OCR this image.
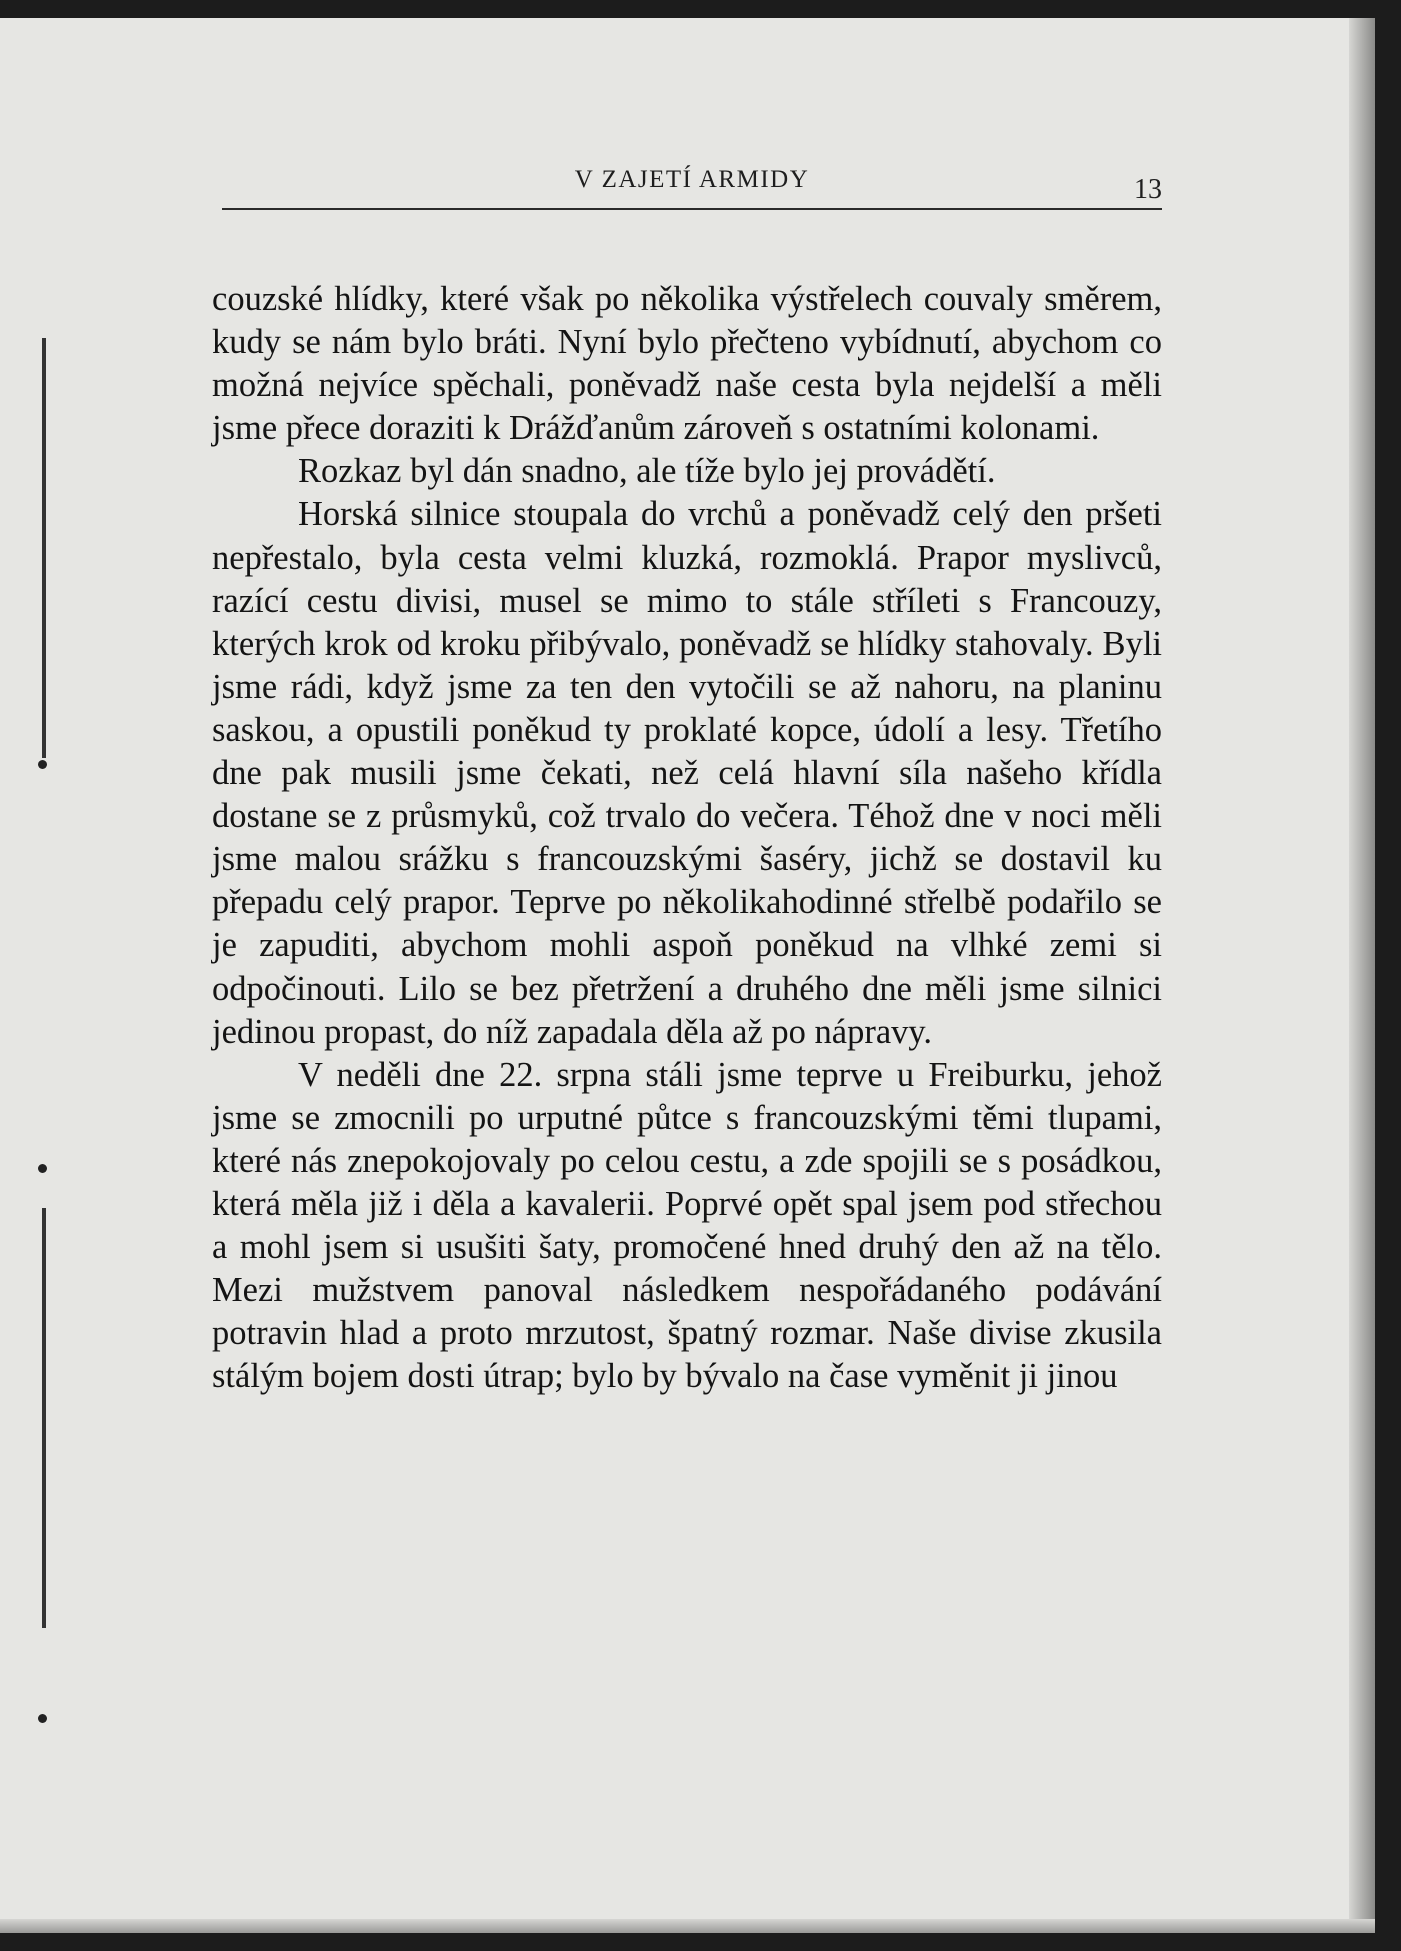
V ZAJETÍ ARMIDY	13

couzské hlídky, které však po několika výstřelech couvaly směrem, kudy se nám bylo bráti. Nyní bylo přečteno vybídnutí, abychom co možná nejvíce spěchali, poněvadž naše cesta byla nejdelší a měli jsme přece doraziti k Drážďanům zároveň s ostatními kolonami.

Rozkaz byl dán snadno, ale tíže bylo jej provádětí.

Horská silnice stoupala do vrchů a poněvadž celý den pršeti nepřestalo, byla cesta velmi kluzká, rozmoklá. Prapor myslivců, razící cestu divisi, musel se mimo to stále stříleti s Francouzy, kterých krok od kroku přibývalo, poněvadž se hlídky stahovaly. Byli jsme rádi, když jsme za ten den vytočili se až nahoru, na planinu saskou, a opustili poněkud ty proklaté kopce, údolí a lesy. Třetího dne pak musili jsme čekati, než celá hlavní síla našeho křídla dostane se z průsmyků, což trvalo do večera. Téhož dne v noci měli jsme malou srážku s francouzskými šaséry, jichž se dostavil ku přepadu celý prapor. Teprve po několikahodinné střelbě podařilo se je zapuditi, abychom mohli aspoň poněkud na vlhké zemi si odpočinouti. Lilo se bez přetržení a druhého dne měli jsme silnici jedinou propast, do níž zapadala děla až po nápravy.

V neděli dne 22. srpna stáli jsme teprve u Freiburku, jehož jsme se zmocnili po urputné půtce s francouzskými těmi tlupami, které nás znepokojovaly po celou cestu, a zde spojili se s posádkou, která měla již i děla a kavalerii. Poprvé opět spal jsem pod střechou a mohl jsem si usušiti šaty, promočené hned druhý den až na tělo. Mezi mužstvem panoval následkem nespořádaného podávání potravin hlad a proto mrzutost, špatný rozmar. Naše divise zkusila stálým bojem dosti útrap; bylo by bývalo na čase vyměnit ji jinou
